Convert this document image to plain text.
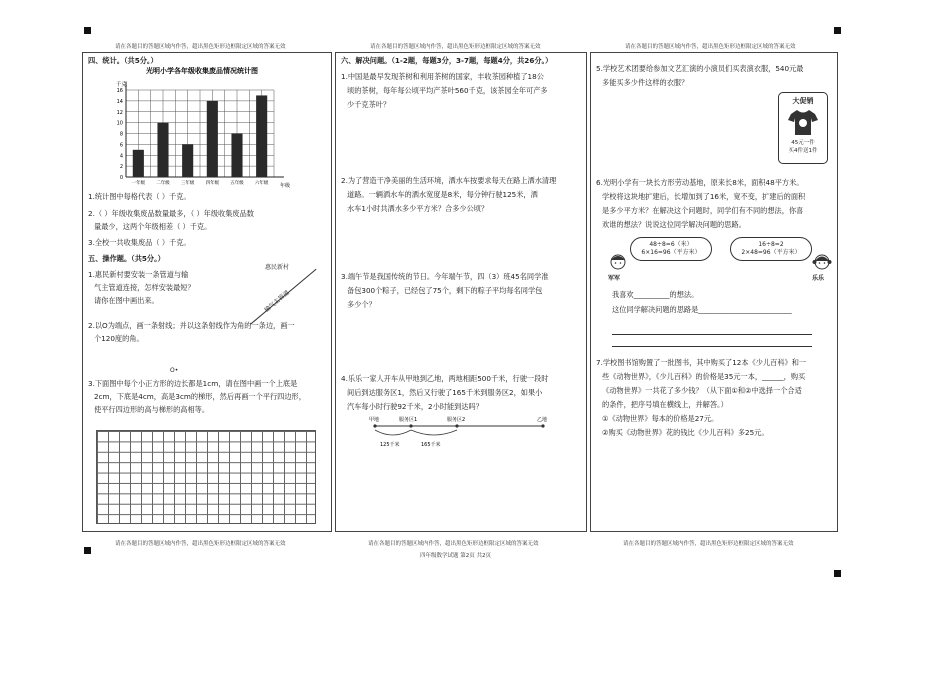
请在各题目的答题区域内作答，超出黑色矩形边框限定区域的答案无效	请在各题目的答题区域内作答，超出黑色矩形边框限定区域的答案无效	请在各题目的答题区域内作答，超出黑色矩形边框限定区域的答案无效
四、统计。（共5分。）
光明小学各年级收集废品情况统计图
千克
年级
0
2
4
6
8
10
12
14
16
一年级 二年级 三年级 四年级 五年级 六年级
1.统计图中每格代表（ ）千克。
2.（ ）年级收集废品数量最多，（ ）年级收集废品数
量最少，这两个年级相差（ ）千克。
3.全校一共收集废品（ ）千克。
五、操作题。（共5分。）
1.惠民新村要安装一条管道与输
气主管道连接，怎样安装最短？
请你在图中画出来。
惠民新村
输气主管道
2.以O为端点，画一条射线；并以这条射线作为角的一条边，画一
个120度的角。
O•
3.下面图中每个小正方形的边长都是1cm，请在图中画一个上底是
2cm，下底是4cm，高是3cm的梯形，然后再画一个平行四边形，
使平行四边形的高与梯形的高相等。
请在各题目的答题区域内作答，超出黑色矩形边框限定区域的答案无效
六、解决问题。（1-2题，每题3分，3-7题，每题4分，共26分。）
1.中国是最早发现茶树和利用茶树的国家，丰收茶园种植了18公
顷的茶树，每年每公顷平均产茶叶560千克，该茶园全年可产多
少千克茶叶？
2.为了营造干净美丽的生活环境，洒水车按要求每天在路上洒水清理
道路。一辆洒水车的洒水宽度是8米，每分钟行驶125米，洒
水车1小时共洒水多少平方米？合多少公顷？
3.端午节是我国传统的节日。今年端午节，四（3）班45名同学准
备包300个粽子，已经包了75个，剩下的粽子平均每名同学包
多少个？
4.乐乐一家人开车从甲地到乙地，两地相距500千米，行驶一段时
间后到达服务区1，然后又行驶了165千米到服务区2，如果小
汽车每小时行驶92千米，2小时能到达吗？
甲地	服务区1	服务区2	乙地
125千米	165千米
请在各题目的答题区域内作答，超出黑色矩形边框限定区域的答案无效
四年级数学试题 第2页 共2页
5.学校艺术团要给参加文艺汇演的小演员们买表演衣服，540元最
多能买多少件这样的衣服？
大促销
45元一件
买4件送1件
6.光明小学有一块长方形劳动基地，原来长8米，面积48平方米。
学校将这块地扩建后，长增加到了16米，宽不变，扩建后的面积
是多少平方米？在解决这个问题时，同学们有不同的想法，你喜
欢谁的想法？说说这位同学解决问题的思路。
48÷8=6（米）
6×16=96（平方米）
16÷8=2
2×48=96（平方米）
军军	乐乐
我喜欢__________的想法。
这位同学解决问题的思路是__________________________
7.学校图书馆购置了一批图书，其中购买了12本《少儿百科》和一
些《动物世界》，《少儿百科》的价格是35元一本，______，购买
《动物世界》一共花了多少钱？（从下面①和②中选择一个合适
的条件，把序号填在横线上，并解答。）
①《动物世界》每本的价格是27元。
②购买《动物世界》花的钱比《少儿百科》多25元。
请在各题目的答题区域内作答，超出黑色矩形边框限定区域的答案无效
